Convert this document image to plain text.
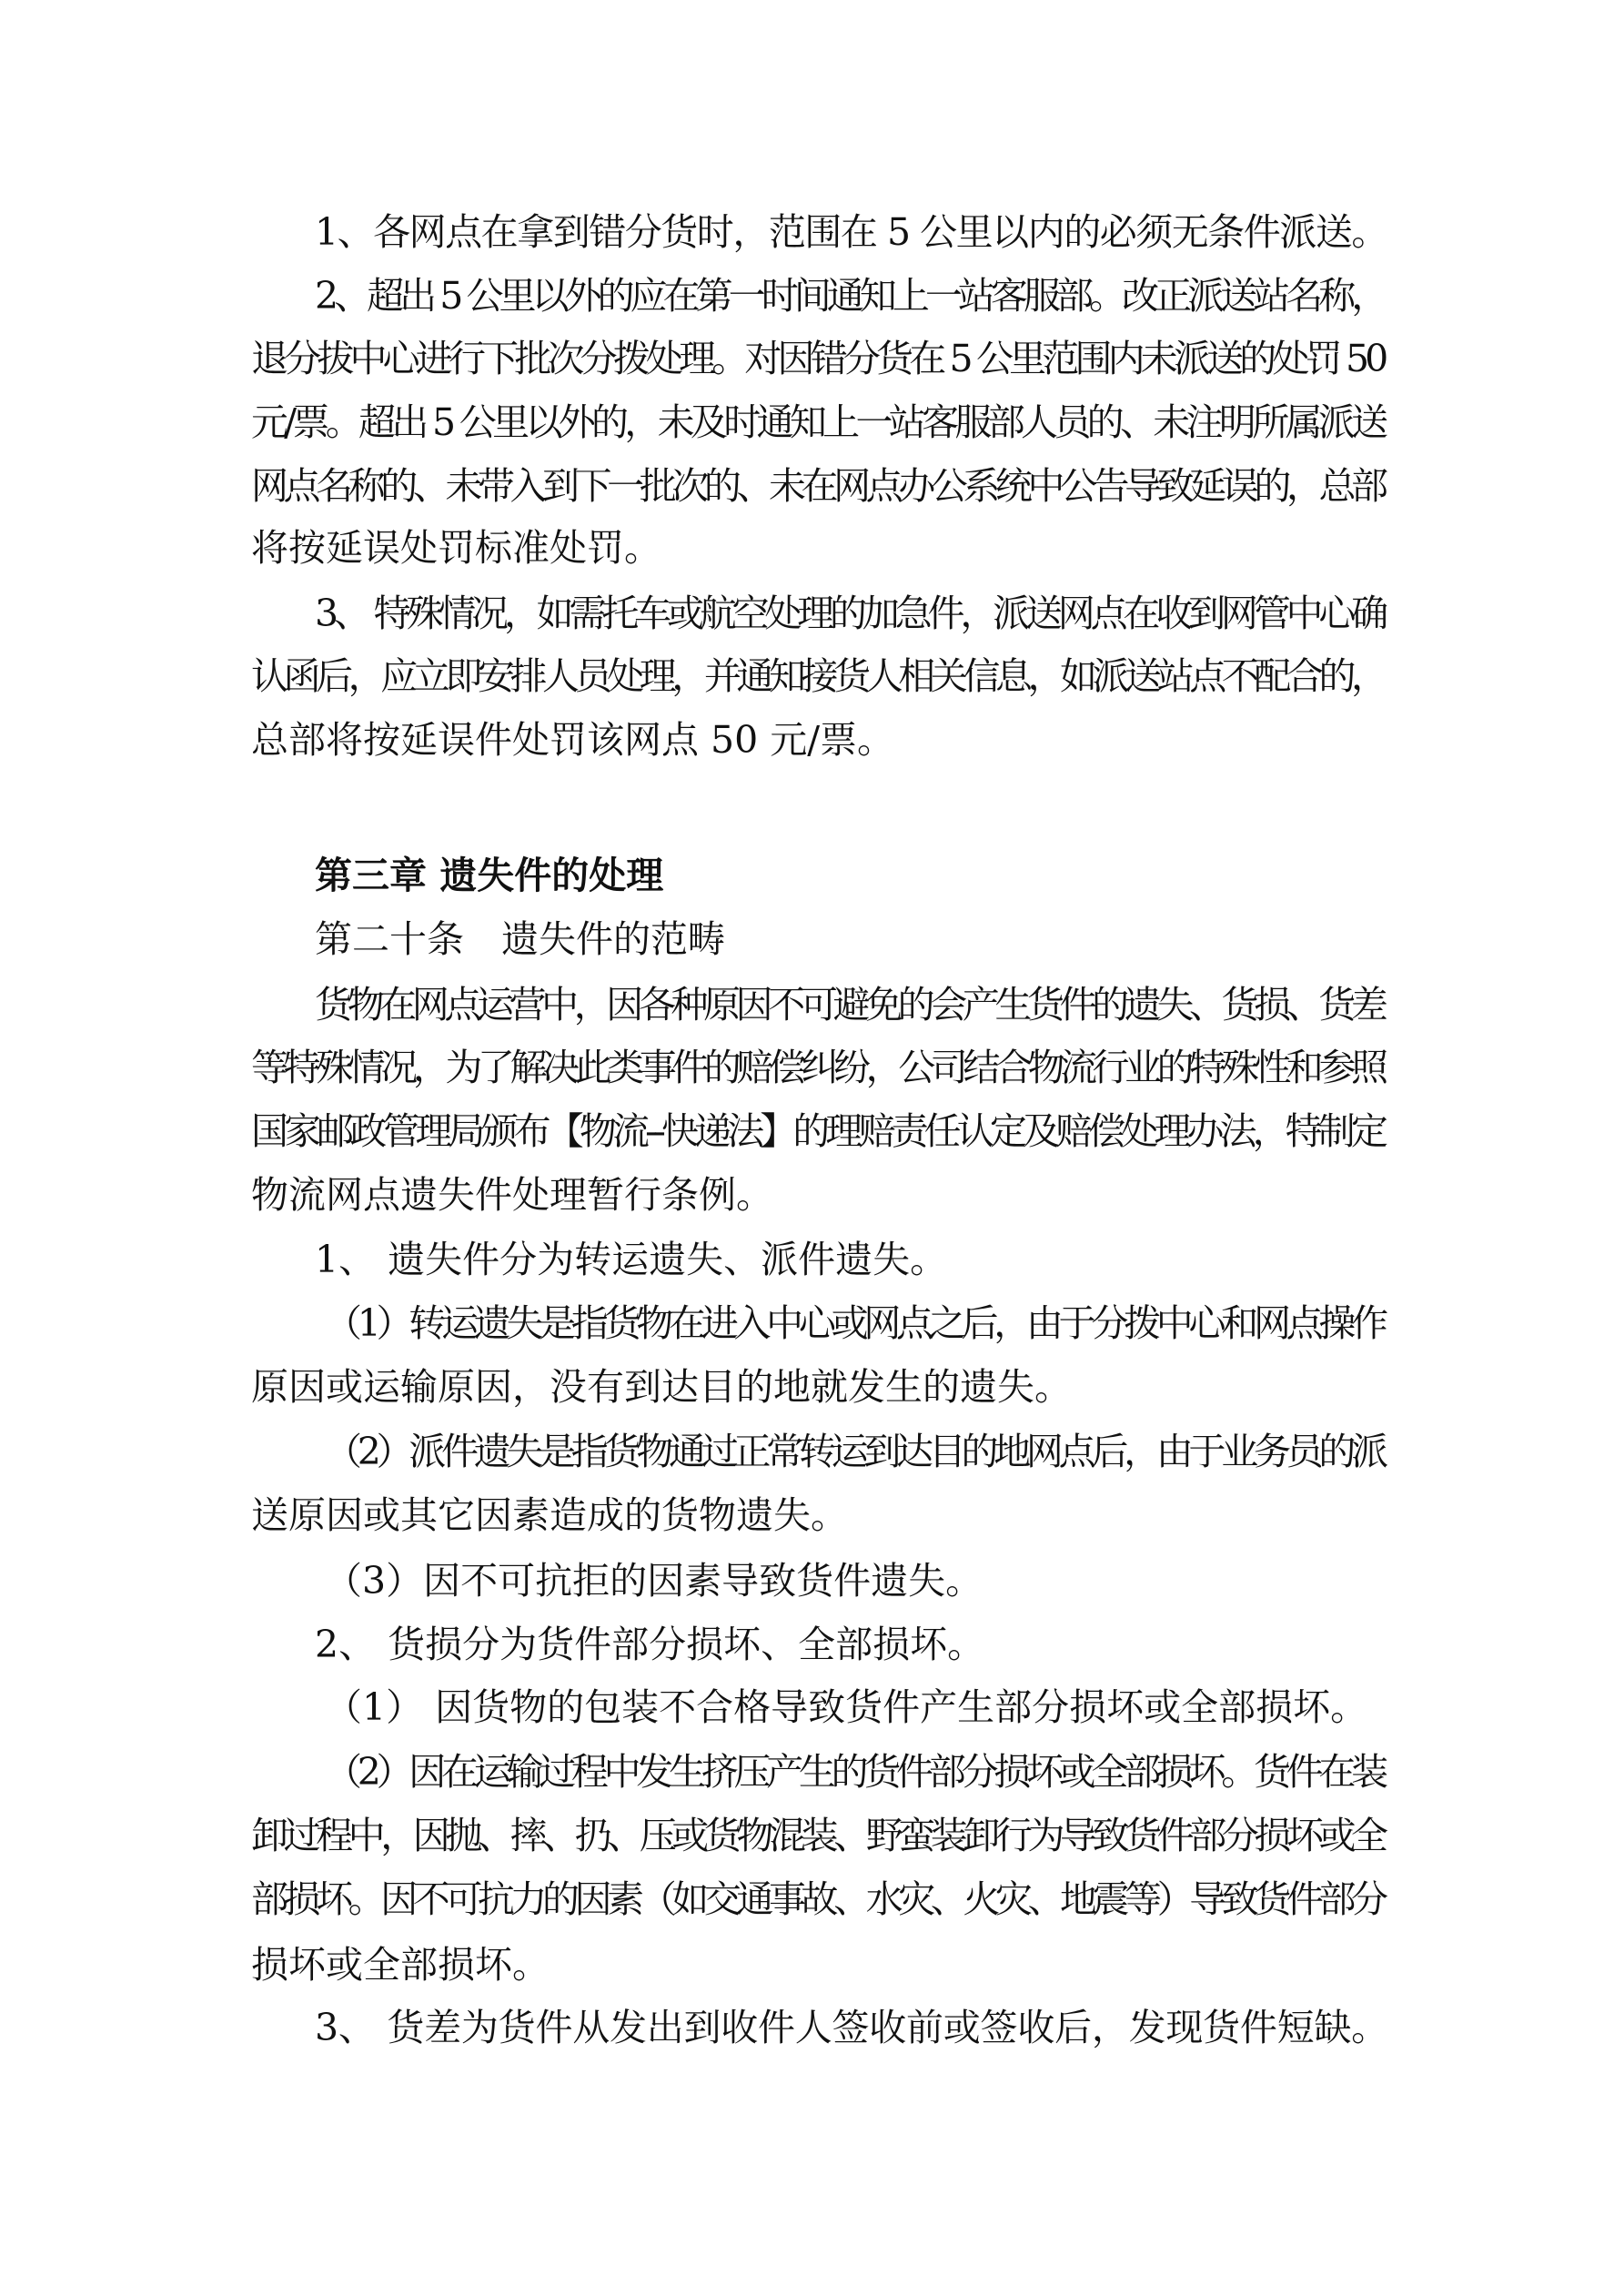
1、各网点在拿到错分货时，范围在 5 公里以内的必须无条件派送。
2、超出 5 公里以外的应在第一时间通知上一站客服部。改正派送站名称，
退分拔中心进行下批次分拨处理。对因错分货在 5 公里范围内未派送的处罚 50
元/票。超出 5 公里以外的，未及时通知上一站客服部人员的、未注明所属派送
网点名称的、未带入到下一批次的、未在网点办公系统中公告导致延误的，总部
将按延误处罚标准处罚。
3、 特殊情况，如需托车或航空处理的加急件，派送网点在收到网管中心确
认函后，应立即安排人员处理，并通知接货人相关信息，如派送站点不配合的，
总部将按延误件处罚该网点 50 元/票。
第三章 遗失件的处理
第二十条　遗失件的范畴
货物在网点运营中，因各种原因不可避免的会产生货件的遗失、货损、货差
等特殊情况，为了解决此类事件的赔偿纠纷，公司结合物流行业的特殊性和参照
国家邮政管理局颁布【物流--快递法】的理赔责任认定及赔偿处理办法，特制定
物流网点遗失件处理暂行条例。
1、 遗失件分为转运遗失、派件遗失。
（1）转运遗失是指货物在进入中心或网点之后，由于分拨中心和网点操作
原因或运输原因，没有到达目的地就发生的遗失。
（2）派件遗失是指货物通过正常转运到达目的地网点后，由于业务员的派
送原因或其它因素造成的货物遗失。
（3）因不可抗拒的因素导致货件遗失。
2、 货损分为货件部分损坏、全部损坏。
（1） 因货物的包装不合格导致货件产生部分损坏或全部损坏。
（2）因在运输过程中发生挤压产生的货件部分损坏或全部损坏。货件在装
卸过程中，因抛、摔、扔、压或货物混装、野蛮装卸行为导致货件部分损坏或全
部损坏。因不可抗力的因素（如交通事故、水灾、火灾、地震等）导致货件部分
损坏或全部损坏。
3、 货差为货件从发出到收件人签收前或签收后，发现货件短缺。
